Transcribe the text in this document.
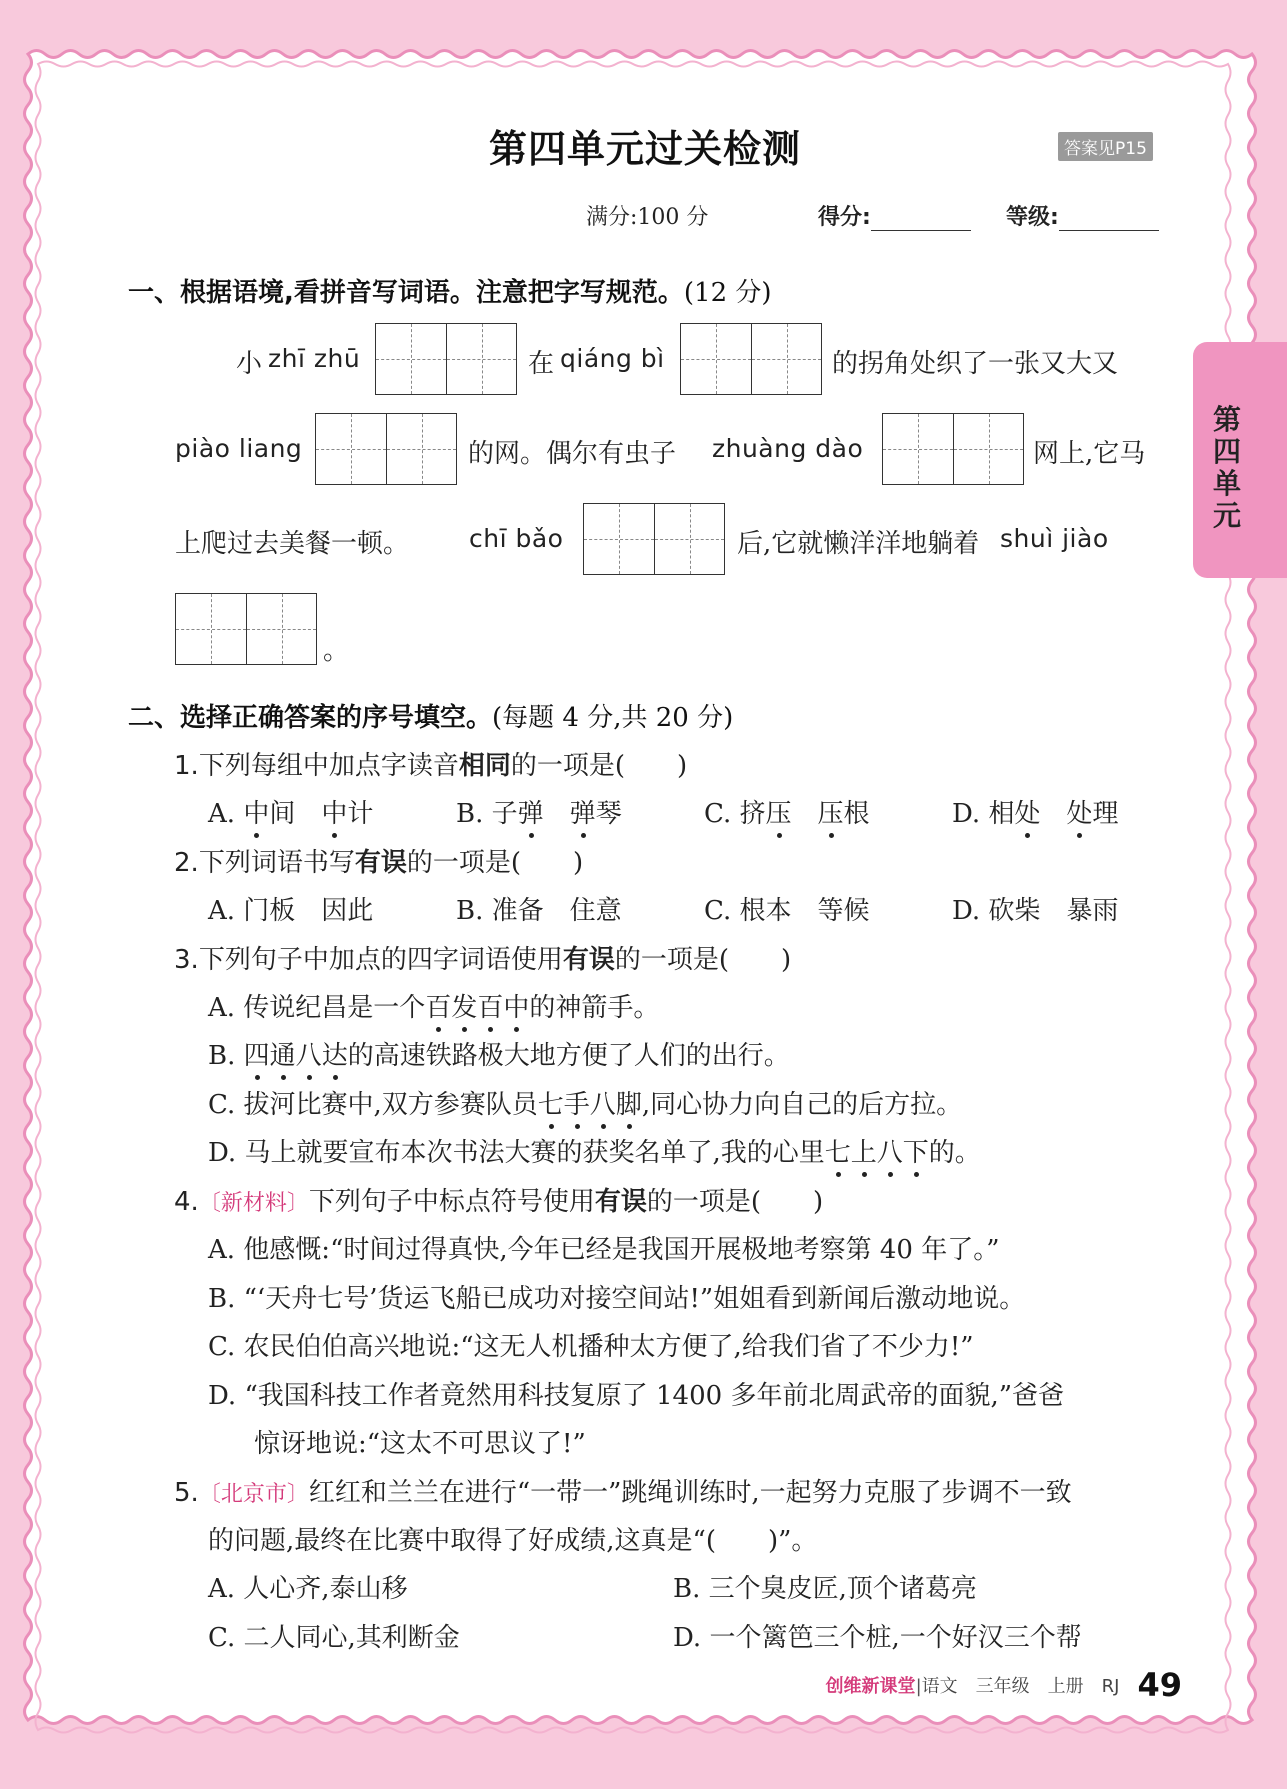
第四单元
第四单元过关检测	答案见P15
满分:100 分	得分:	等级:
一、根据语境,看拼音写词语。注意把字写规范。(12 分)
小 zhī zhū	在 qiáng bì	的拐角处织了一张又大又
piào liang	的网。偶尔有虫子 zhuàng dào	网上,它马
上爬过去美餐一顿。 chī bǎo	后,它就懒洋洋地躺着 shuì jiào
。
二、选择正确答案的序号填空。(每题 4 分,共 20 分)
1.下列每组中加点字读音相同的一项是(　　)
A. 中间　中计	B. 子弹　 弹琴	C. 挤压　 压根	D. 相处　 处理
2.下列词语书写有误的一项是(　　)
A. 门板　因此	B. 准备　住意	C. 根本　等候	D. 砍柴　暴雨
3.下列句子中加点的四字词语使用有误的一项是(　　)
A. 传说纪昌是一个百发百中的神箭手。
B. 四通八达的高速铁路极大地方便了人们的出行。
C. 拔河比赛中,双方参赛队员七手八脚,同心协力向自己的后方拉。
D. 马上就要宣布本次书法大赛的获奖名单了,我的心里七上八下的。
4.〔新材料〕下列句子中标点符号使用有误的一项是(　　)
A. 他感慨:“时间过得真快,今年已经是我国开展极地考察第 40 年了。”
B. “‘天舟七号’货运飞船已成功对接空间站!”姐姐看到新闻后激动地说。
C. 农民伯伯高兴地说:“这无人机播种太方便了,给我们省了不少力!”
D. “我国科技工作者竟然用科技复原了 1400 多年前北周武帝的面貌,”爸爸
惊讶地说:“这太不可思议了!”
5.〔北京市〕红红和兰兰在进行“一带一”跳绳训练时,一起努力克服了步调不一致
的问题,最终在比赛中取得了好成绩,这真是“(　　)”。
A. 人心齐,泰山移	B. 三个臭皮匠,顶个诸葛亮
C. 二人同心,其利断金	D. 一个篱笆三个桩,一个好汉三个帮
创维新课堂|语文　三年级　上册　RJ 49
